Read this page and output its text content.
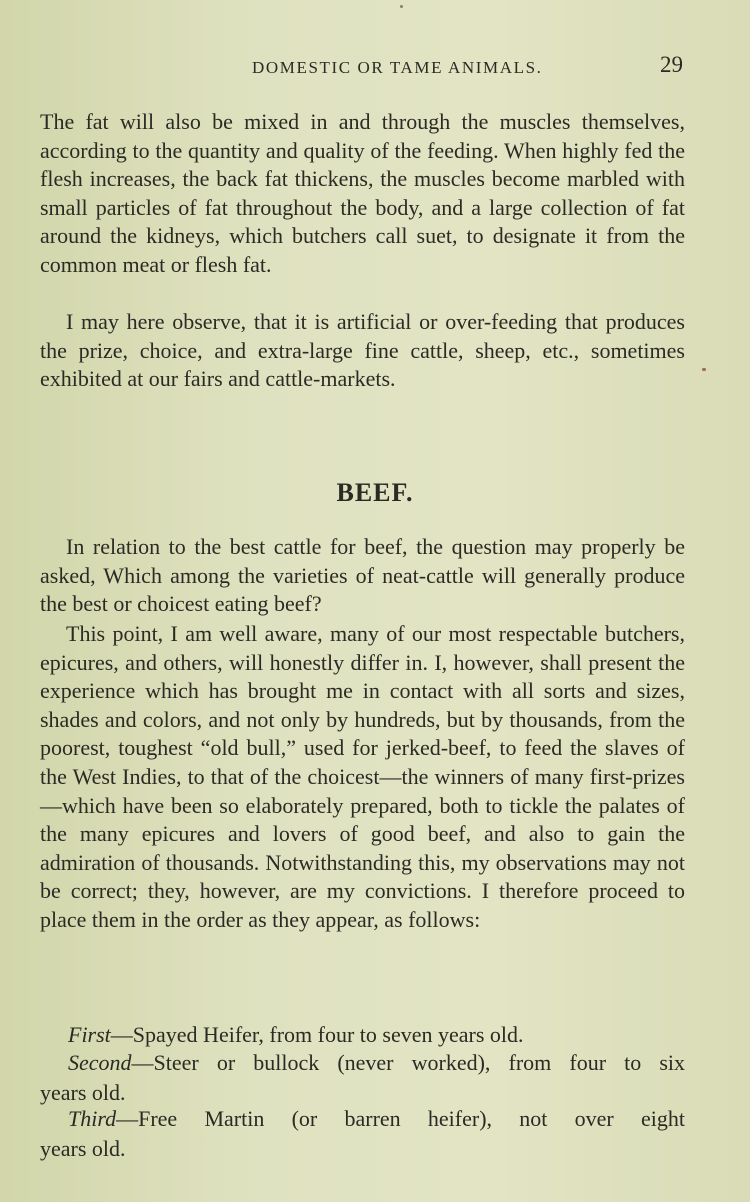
DOMESTIC OR TAME ANIMALS.	29

The fat will also be mixed in and through the muscles themselves, according to the quantity and quality of the feeding. When highly fed the flesh increases, the back fat thickens, the muscles become marbled with small particles of fat throughout the body, and a large collection of fat around the kidneys, which butchers call suet, to designate it from the common meat or flesh fat.

I may here observe, that it is artificial or over-feeding that produces the prize, choice, and extra-large fine cattle, sheep, etc., sometimes exhibited at our fairs and cattle-markets.

BEEF.

In relation to the best cattle for beef, the question may properly be asked, Which among the varieties of neat-cattle will generally produce the best or choicest eating beef?

This point, I am well aware, many of our most respectable butchers, epicures, and others, will honestly differ in. I, however, shall present the experience which has brought me in contact with all sorts and sizes, shades and colors, and not only by hundreds, but by thousands, from the poorest, toughest “old bull,” used for jerked-beef, to feed the slaves of the West Indies, to that of the choicest—the winners of many first-prizes—which have been so elaborately prepared, both to tickle the palates of the many epicures and lovers of good beef, and also to gain the admiration of thousands. Notwithstanding this, my observations may not be correct; they, however, are my convictions. I therefore proceed to place them in the order as they appear, as follows:

First—Spayed Heifer, from four to seven years old.
Second—Steer or bullock (never worked), from four to six
years old.
Third—Free Martin (or barren heifer), not over eight
years old.
